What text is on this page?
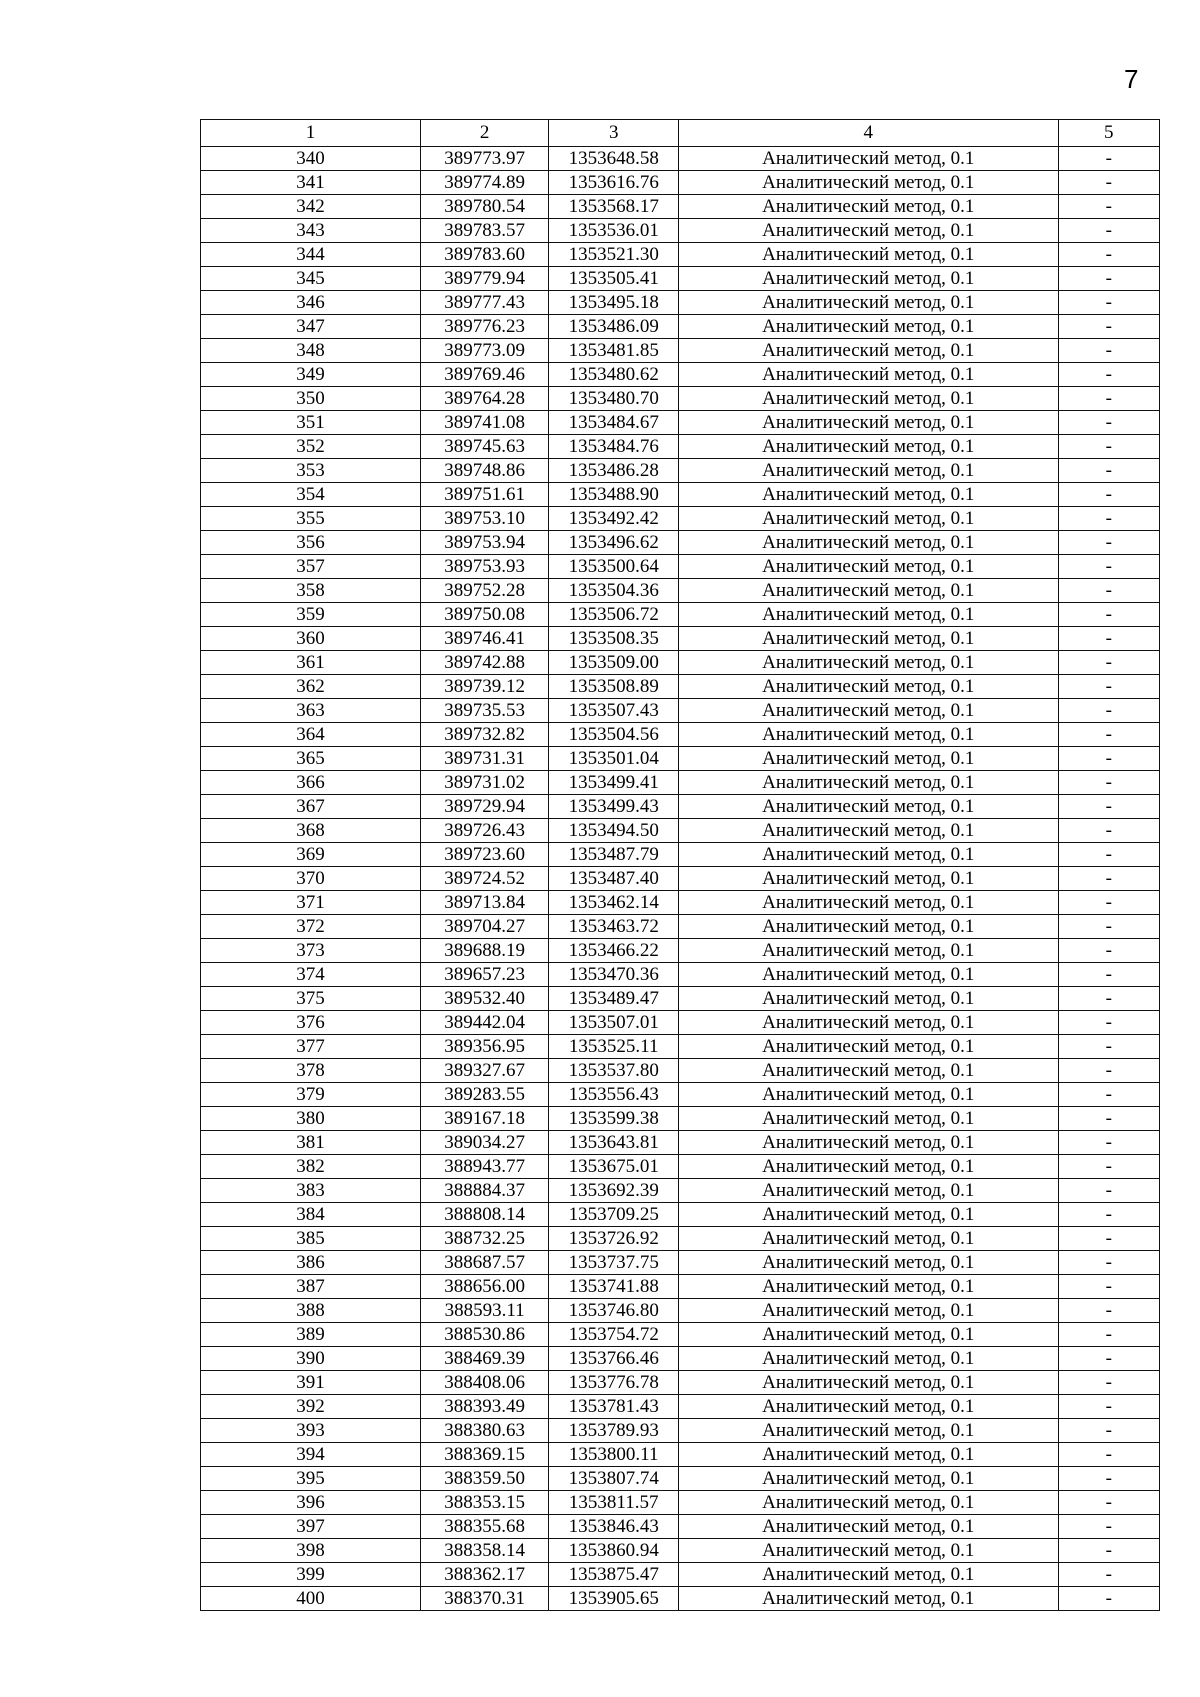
7
1	2	3	4	5
340	389773.97	1353648.58	Аналитический метод, 0.1	-
341	389774.89	1353616.76	Аналитический метод, 0.1	-
342	389780.54	1353568.17	Аналитический метод, 0.1	-
343	389783.57	1353536.01	Аналитический метод, 0.1	-
344	389783.60	1353521.30	Аналитический метод, 0.1	-
345	389779.94	1353505.41	Аналитический метод, 0.1	-
346	389777.43	1353495.18	Аналитический метод, 0.1	-
347	389776.23	1353486.09	Аналитический метод, 0.1	-
348	389773.09	1353481.85	Аналитический метод, 0.1	-
349	389769.46	1353480.62	Аналитический метод, 0.1	-
350	389764.28	1353480.70	Аналитический метод, 0.1	-
351	389741.08	1353484.67	Аналитический метод, 0.1	-
352	389745.63	1353484.76	Аналитический метод, 0.1	-
353	389748.86	1353486.28	Аналитический метод, 0.1	-
354	389751.61	1353488.90	Аналитический метод, 0.1	-
355	389753.10	1353492.42	Аналитический метод, 0.1	-
356	389753.94	1353496.62	Аналитический метод, 0.1	-
357	389753.93	1353500.64	Аналитический метод, 0.1	-
358	389752.28	1353504.36	Аналитический метод, 0.1	-
359	389750.08	1353506.72	Аналитический метод, 0.1	-
360	389746.41	1353508.35	Аналитический метод, 0.1	-
361	389742.88	1353509.00	Аналитический метод, 0.1	-
362	389739.12	1353508.89	Аналитический метод, 0.1	-
363	389735.53	1353507.43	Аналитический метод, 0.1	-
364	389732.82	1353504.56	Аналитический метод, 0.1	-
365	389731.31	1353501.04	Аналитический метод, 0.1	-
366	389731.02	1353499.41	Аналитический метод, 0.1	-
367	389729.94	1353499.43	Аналитический метод, 0.1	-
368	389726.43	1353494.50	Аналитический метод, 0.1	-
369	389723.60	1353487.79	Аналитический метод, 0.1	-
370	389724.52	1353487.40	Аналитический метод, 0.1	-
371	389713.84	1353462.14	Аналитический метод, 0.1	-
372	389704.27	1353463.72	Аналитический метод, 0.1	-
373	389688.19	1353466.22	Аналитический метод, 0.1	-
374	389657.23	1353470.36	Аналитический метод, 0.1	-
375	389532.40	1353489.47	Аналитический метод, 0.1	-
376	389442.04	1353507.01	Аналитический метод, 0.1	-
377	389356.95	1353525.11	Аналитический метод, 0.1	-
378	389327.67	1353537.80	Аналитический метод, 0.1	-
379	389283.55	1353556.43	Аналитический метод, 0.1	-
380	389167.18	1353599.38	Аналитический метод, 0.1	-
381	389034.27	1353643.81	Аналитический метод, 0.1	-
382	388943.77	1353675.01	Аналитический метод, 0.1	-
383	388884.37	1353692.39	Аналитический метод, 0.1	-
384	388808.14	1353709.25	Аналитический метод, 0.1	-
385	388732.25	1353726.92	Аналитический метод, 0.1	-
386	388687.57	1353737.75	Аналитический метод, 0.1	-
387	388656.00	1353741.88	Аналитический метод, 0.1	-
388	388593.11	1353746.80	Аналитический метод, 0.1	-
389	388530.86	1353754.72	Аналитический метод, 0.1	-
390	388469.39	1353766.46	Аналитический метод, 0.1	-
391	388408.06	1353776.78	Аналитический метод, 0.1	-
392	388393.49	1353781.43	Аналитический метод, 0.1	-
393	388380.63	1353789.93	Аналитический метод, 0.1	-
394	388369.15	1353800.11	Аналитический метод, 0.1	-
395	388359.50	1353807.74	Аналитический метод, 0.1	-
396	388353.15	1353811.57	Аналитический метод, 0.1	-
397	388355.68	1353846.43	Аналитический метод, 0.1	-
398	388358.14	1353860.94	Аналитический метод, 0.1	-
399	388362.17	1353875.47	Аналитический метод, 0.1	-
400	388370.31	1353905.65	Аналитический метод, 0.1	-
